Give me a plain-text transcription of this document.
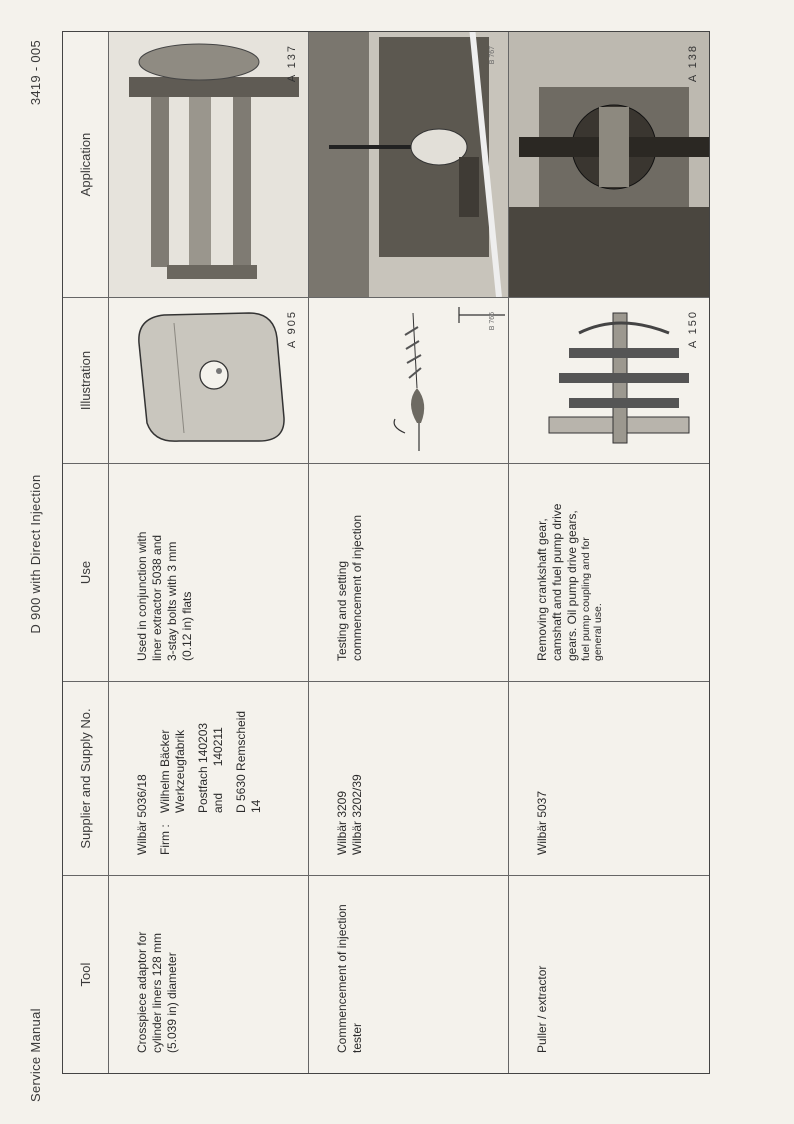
Service Manual
D 900 with Direct Injection
3419 - 005
Tool
Supplier and Supply No.
Use
Illustration
Application

Crosspiece adaptor for cylinder liners 128 mm (5.039 in) diameter

Wilbär 5036/18 Firm :
Wilhelm Bäcker Werkzeugfabrik Postfach 140203 and        140211 D 5630 Remscheid 14

Used in conjunction with liner extractor 5038 and 3-stay bolts with 3 mm (0.12 in) flats

A 905
A 137

Commencement of injection tester

Wilbär 3209 Wilbär 3202/39

Testing and setting commencement of injection

B 766
B 767

Puller / extractor

Wilbär 5037

Removing crankshaft gear, camshaft and fuel pump drive gears. Oil pump drive gears, fuel pump coupling and for general use.

A 150
A 138
